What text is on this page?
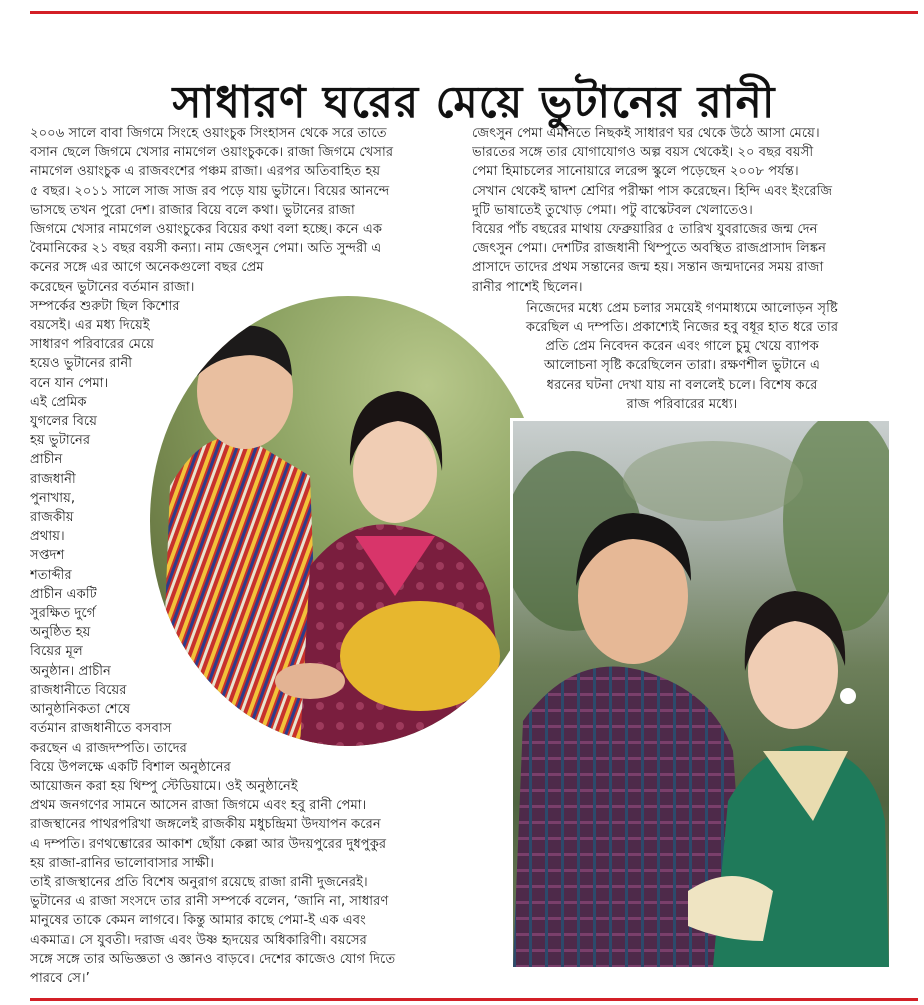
সাধারণ ঘরের মেয়ে ভুটানের রানী
২০০৬ সালে বাবা জিগমে সিংহে ওয়াংচুক সিংহাসন থেকে সরে তাতে
বসান ছেলে জিগমে খেসার নামগেল ওয়াংচুককে। রাজা জিগমে খেসার
নামগেল ওয়াংচুক এ রাজবংশের পঞ্চম রাজা। এরপর অতিবাহিত হয়
৫ বছর। ২০১১ সালে সাজ সাজ রব পড়ে যায় ভুটানে। বিয়ের আনন্দে
ভাসছে তখন পুরো দেশ। রাজার বিয়ে বলে কথা। ভুটানের রাজা
জিগমে খেসার নামগেল ওয়াংচুকের বিয়ের কথা বলা হচ্ছে। কনে এক
বৈমানিকের ২১ বছর বয়সী কন্যা। নাম জেৎসুন পেমা। অতি সুন্দরী এ
কনের সঙ্গে এর আগে অনেকগুলো বছর প্রেম
করেছেন ভুটানের বর্তমান রাজা।
সম্পর্কের শুরুটা ছিল কিশোর
বয়সেই। এর মধ্য দিয়েই
সাধারণ পরিবারের মেয়ে
হয়েও ভুটানের রানী
বনে যান পেমা।
এই প্রেমিক
যুগলের বিয়ে
হয় ভুটানের
প্রাচীন
রাজধানী
পুনাখায়,
রাজকীয়
প্রথায়।
সপ্তদশ
শতাব্দীর
প্রাচীন একটি
সুরক্ষিত দুর্গে
অনুষ্ঠিত হয়
বিয়ের মূল
অনুষ্ঠান। প্রাচীন
রাজধানীতে বিয়ের
আনুষ্ঠানিকতা শেষে
বর্তমান রাজধানীতে বসবাস
করছেন এ রাজদম্পতি। তাদের
বিয়ে উপলক্ষে একটি বিশাল অনুষ্ঠানের
আয়োজন করা হয় থিম্পু স্টেডিয়ামে। ওই অনুষ্ঠানেই
প্রথম জনগণের সামনে আসেন রাজা জিগমে এবং হবু রানী পেমা।
রাজস্থানের পাথরপরিখা জঙ্গলেই রাজকীয় মধুচন্দ্রিমা উদযাপন করেন
এ দম্পতি। রণথম্ভোরের আকাশ ছোঁয়া কেল্লা আর উদয়পুরের দুধপুকুর
হয় রাজা-রানির ভালোবাসার সাক্ষী।
তাই রাজস্থানের প্রতি বিশেষ অনুরাগ রয়েছে রাজা রানী দুজনেরই।
ভুটানের এ রাজা সংসদে তার রানী সম্পর্কে বলেন, ‘জানি না, সাধারণ
মানুষের তাকে কেমন লাগবে। কিন্তু আমার কাছে পেমা-ই এক এবং
একমাত্র। সে যুবতী। দরাজ এবং উষ্ণ হৃদয়ের অধিকারিণী। বয়সের
সঙ্গে সঙ্গে তার অভিজ্ঞতা ও জ্ঞানও বাড়বে। দেশের কাজেও যোগ দিতে
পারবে সে।’
জেৎসুন পেমা এমনিতে নিছকই সাধারণ ঘর থেকে উঠে আসা মেয়ে।
ভারতের সঙ্গে তার যোগাযোগও অল্প বয়স থেকেই। ২০ বছর বয়সী
পেমা হিমাচলের সানোয়ারে লরেন্স স্কুলে পড়েছেন ২০০৮ পর্যন্ত।
সেখান থেকেই দ্বাদশ শ্রেণির পরীক্ষা পাস করেছেন। হিন্দি এবং ইংরেজি
দুটি ভাষাতেই তুখোড় পেমা। পটু বাস্কেটবল খেলাতেও।
বিয়ের পাঁচ বছরের মাথায় ফেব্রুয়ারির ৫ তারিখ যুবরাজের জন্ম দেন
জেৎসুন পেমা। দেশটির রাজধানী থিম্পুতে অবস্থিত রাজপ্রাসাদ লিঙ্কন
প্রাসাদে তাদের প্রথম সন্তানের জন্ম হয়। সন্তান জন্মদানের সময় রাজা
রানীর পাশেই ছিলেন।
নিজেদের মধ্যে প্রেম চলার সময়েই গণমাধ্যমে আলোড়ন সৃষ্টি
করেছিল এ দম্পতি। প্রকাশ্যেই নিজের হবু বধূর হাত ধরে তার
প্রতি প্রেম নিবেদন করেন এবং গালে চুমু খেয়ে ব্যাপক
আলোচনা সৃষ্টি করেছিলেন তারা। রক্ষণশীল ভুটানে এ
ধরনের ঘটনা দেখা যায় না বললেই চলে। বিশেষ করে
রাজ পরিবারের মধ্যে।
